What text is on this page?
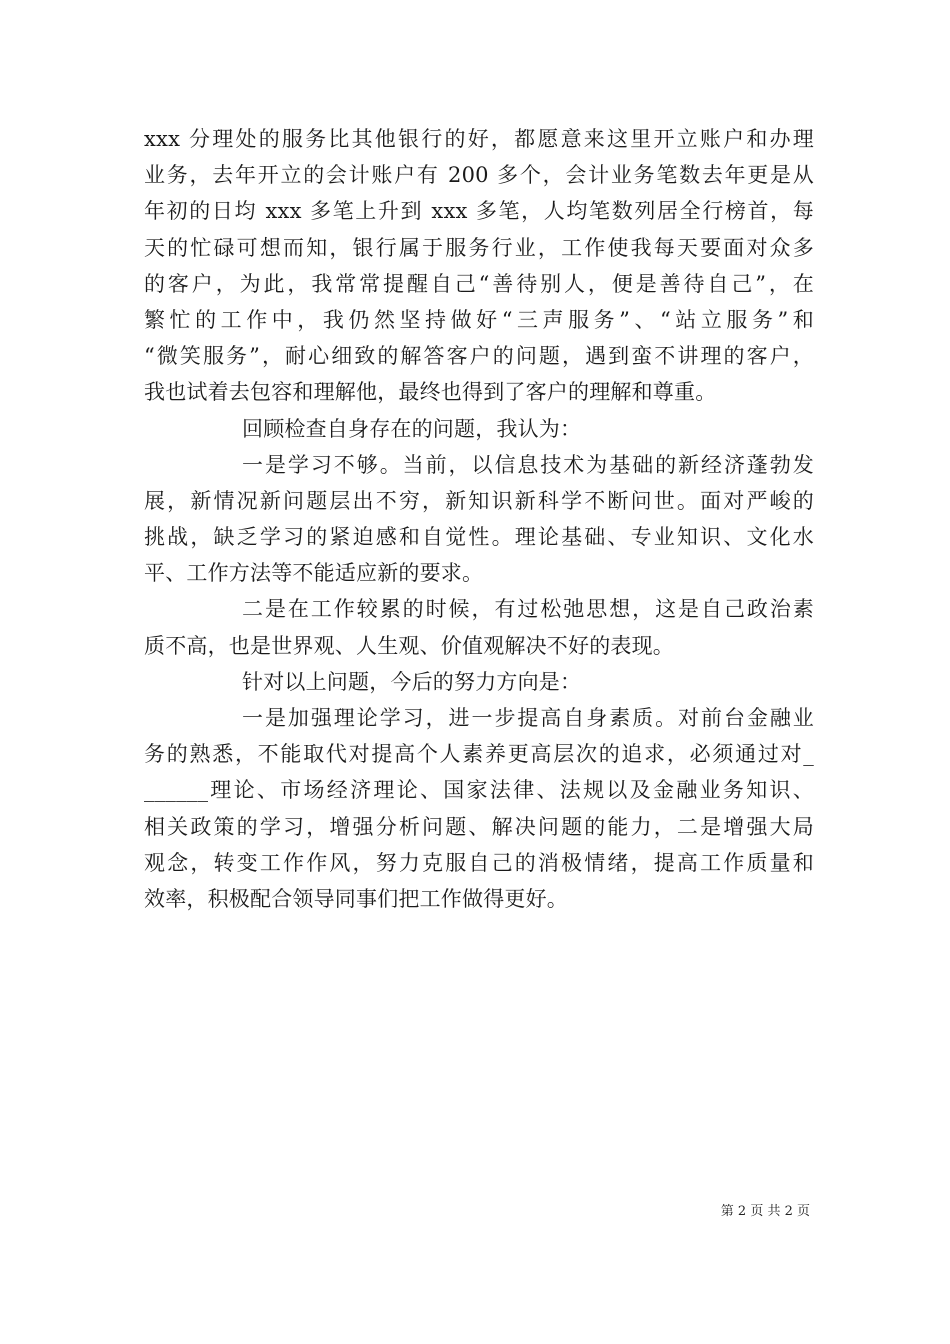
xxx 分理处的服务比其他银行的好，都愿意来这里开立账户和办理
业务，去年开立的会计账户有 200 多个，会计业务笔数去年更是从
年初的日均 xxx 多笔上升到 xxx 多笔，人均笔数列居全行榜首，每
天的忙碌可想而知，银行属于服务行业，工作使我每天要面对众多
的客户，为此，我常常提醒自己“善待别人，便是善待自己”，在
繁忙的工作中，我仍然坚持做好“三声服务”、“站立服务”和
“微笑服务”，耐心细致的解答客户的问题，遇到蛮不讲理的客户，
我也试着去包容和理解他，最终也得到了客户的理解和尊重。
回顾检查自身存在的问题，我认为：
一是学习不够。当前，以信息技术为基础的新经济蓬勃发
展，新情况新问题层出不穷，新知识新科学不断问世。面对严峻的
挑战，缺乏学习的紧迫感和自觉性。理论基础、专业知识、文化水
平、工作方法等不能适应新的要求。
二是在工作较累的时候，有过松弛思想，这是自己政治素
质不高，也是世界观、人生观、价值观解决不好的表现。
针对以上问题，今后的努力方向是：
一是加强理论学习，进一步提高自身素质。对前台金融业
务的熟悉，不能取代对提高个人素养更高层次的追求，必须通过对_
______理论、市场经济理论、国家法律、法规以及金融业务知识、
相关政策的学习，增强分析问题、解决问题的能力，二是增强大局
观念，转变工作作风，努力克服自己的消极情绪，提高工作质量和
效率，积极配合领导同事们把工作做得更好。
第 2 页 共 2 页
